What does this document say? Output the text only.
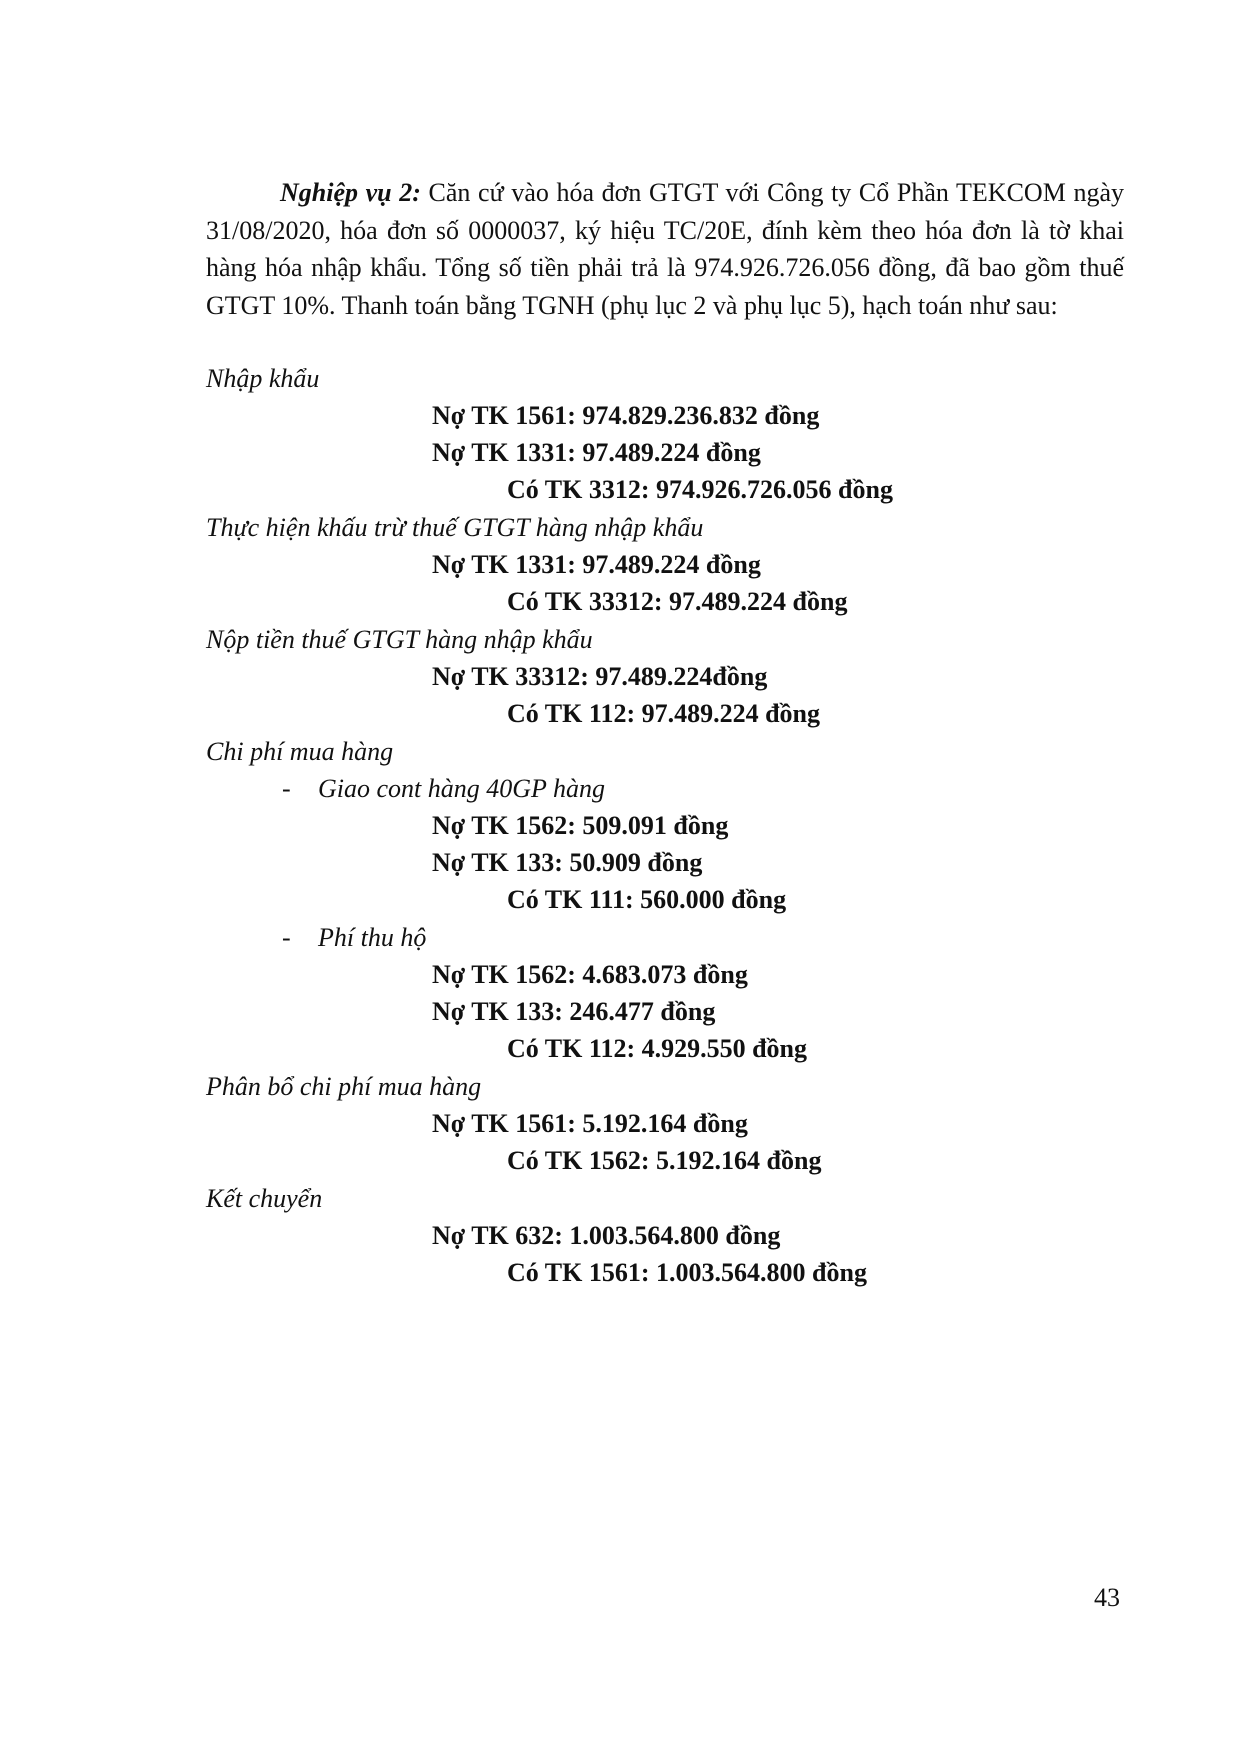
Nghiệp vụ 2: Căn cứ vào hóa đơn GTGT với Công ty Cổ Phần TEKCOM ngày 31/08/2020, hóa đơn số 0000037, ký hiệu TC/20E, đính kèm theo hóa đơn là tờ khai hàng hóa nhập khẩu. Tổng số tiền phải trả là 974.926.726.056 đồng, đã bao gồm thuế GTGT 10%. Thanh toán bằng TGNH (phụ lục 2 và phụ lục 5), hạch toán như sau:

Nhập khẩu
Nợ TK 1561: 974.829.236.832 đồng
Nợ TK 1331: 97.489.224 đồng
Có TK 3312: 974.926.726.056 đồng
Thực hiện khấu trừ thuế GTGT hàng nhập khẩu
Nợ TK 1331: 97.489.224 đồng
Có TK 33312: 97.489.224 đồng
Nộp tiền thuế GTGT hàng nhập khẩu
Nợ TK 33312: 97.489.224đồng
Có TK 112: 97.489.224 đồng
Chi phí mua hàng
- Giao cont hàng 40GP hàng
Nợ TK 1562: 509.091 đồng
Nợ TK 133: 50.909 đồng
Có TK 111: 560.000 đồng
- Phí thu hộ
Nợ TK 1562: 4.683.073 đồng
Nợ TK 133: 246.477 đồng
Có TK 112: 4.929.550 đồng
Phân bổ chi phí mua hàng
Nợ TK 1561: 5.192.164 đồng
Có TK 1562: 5.192.164 đồng
Kết chuyển
Nợ TK 632: 1.003.564.800 đồng
Có TK 1561: 1.003.564.800 đồng
43
